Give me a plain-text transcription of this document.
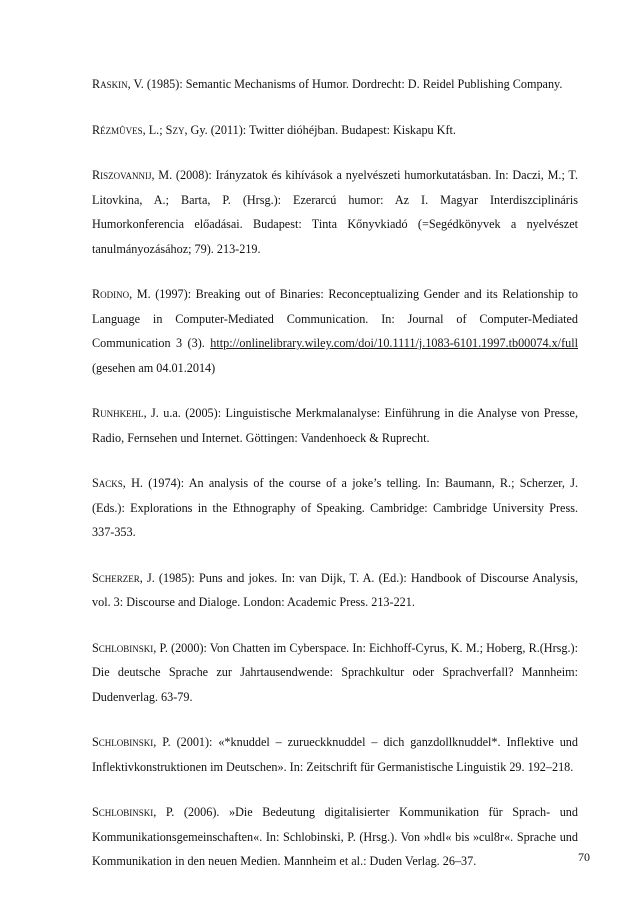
Raskin, V. (1985): Semantic Mechanisms of Humor. Dordrecht: D. Reidel Publishing Company.

Rézmûves, L.; Szy, Gy. (2011): Twitter dióhéjban. Budapest: Kiskapu Kft.

Riszovannij, M. (2008): Irányzatok és kihívások a nyelvészeti humorkutatásban. In: Daczi, M.; T. Litovkina, A.; Barta, P. (Hrsg.): Ezerarcú humor: Az I. Magyar Interdiszciplináris Humorkonferencia előadásai. Budapest: Tinta Kőnyvkiadó (=Segédkönyvek a nyelvészet tanulmányozásához; 79). 213-219.

Rodino, M. (1997): Breaking out of Binaries: Reconceptualizing Gender and its Relationship to Language in Computer-Mediated Communication. In: Journal of Computer-Mediated Communication 3 (3). http://onlinelibrary.wiley.com/doi/10.1111/j.1083-6101.1997.tb00074.x/full (gesehen am 04.01.2014)

Runhkehl, J. u.a. (2005): Linguistische Merkmalanalyse: Einführung in die Analyse von Presse, Radio, Fernsehen und Internet. Göttingen: Vandenhoeck & Ruprecht.

Sacks, H. (1974): An analysis of the course of a joke’s telling. In: Baumann, R.; Scherzer, J. (Eds.): Explorations in the Ethnography of Speaking. Cambridge: Cambridge University Press. 337-353.

Scherzer, J. (1985): Puns and jokes. In: van Dijk, T. A. (Ed.): Handbook of Discourse Analysis, vol. 3: Discourse and Dialoge. London: Academic Press. 213-221.

Schlobinski, P. (2000): Von Chatten im Cyberspace. In: Eichhoff-Cyrus, K. M.; Hoberg, R.(Hrsg.): Die deutsche Sprache zur Jahrtausendwende: Sprachkultur oder Sprachverfall? Mannheim: Dudenverlag. 63-79.

Schlobinski, P. (2001): «*knuddel – zurueckknuddel – dich ganzdollknuddel*. Inflektive und Inflektivkonstruktionen im Deutschen». In: Zeitschrift für Germanistische Linguistik 29. 192–218.

Schlobinski, P. (2006). »Die Bedeutung digitalisierter Kommunikation für Sprach- und Kommunikationsgemeinschaften«. In: Schlobinski, P. (Hrsg.). Von »hdl« bis »cul8r«. Sprache und Kommunikation in den neuen Medien. Mannheim et al.: Duden Verlag. 26–37.	70
